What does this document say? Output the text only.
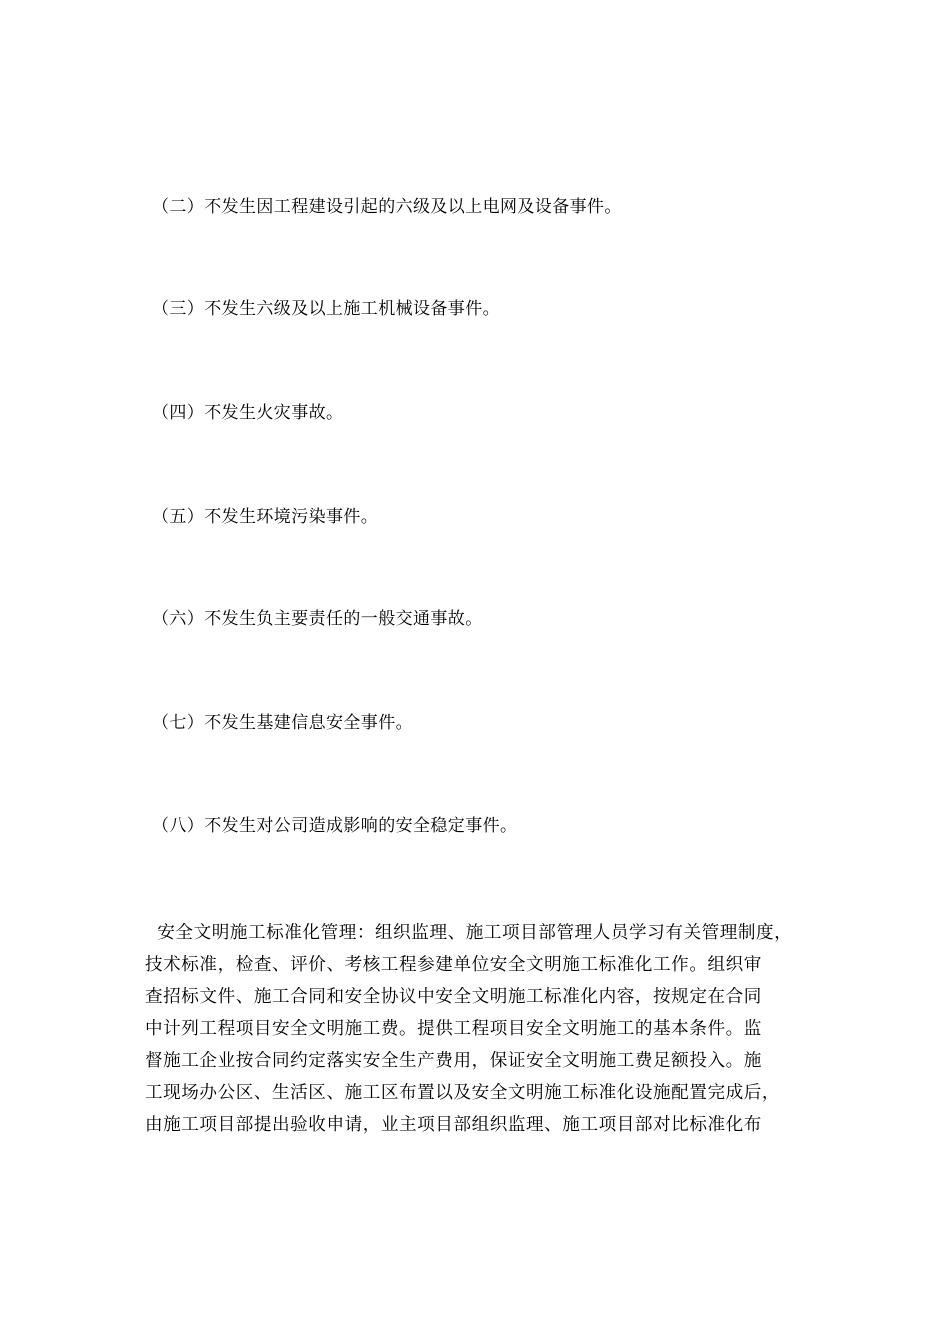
（二）不发生因工程建设引起的六级及以上电网及设备事件。
（三）不发生六级及以上施工机械设备事件。
（四）不发生火灾事故。
（五）不发生环境污染事件。
（六）不发生负主要责任的一般交通事故。
（七）不发生基建信息安全事件。
（八）不发生对公司造成影响的安全稳定事件。
安全文明施工标准化管理：组织监理、施工项目部管理人员学习有关管理制度，
技术标准，检查、评价、考核工程参建单位安全文明施工标准化工作。组织审
查招标文件、施工合同和安全协议中安全文明施工标准化内容，按规定在合同
中计列工程项目安全文明施工费。提供工程项目安全文明施工的基本条件。监
督施工企业按合同约定落实安全生产费用，保证安全文明施工费足额投入。施
工现场办公区、生活区、施工区布置以及安全文明施工标准化设施配置完成后，
由施工项目部提出验收申请，业主项目部组织监理、施工项目部对比标准化布
